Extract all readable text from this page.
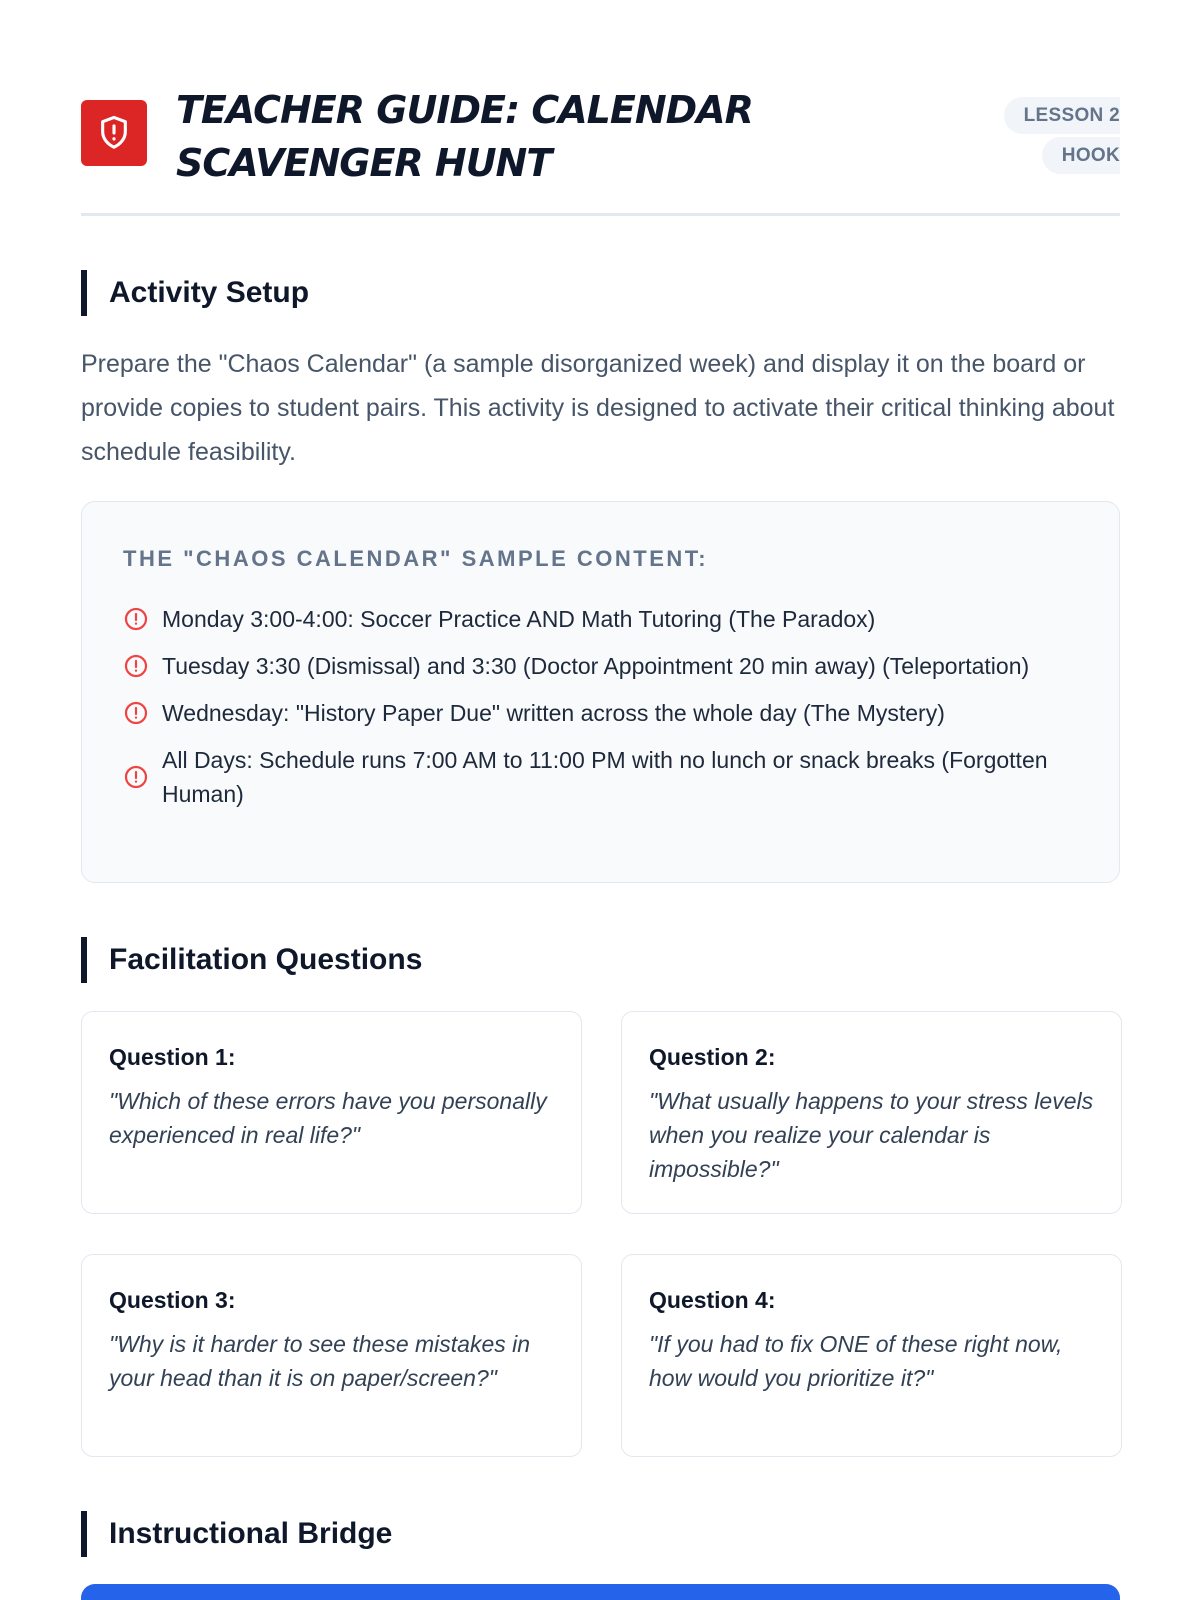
TEACHER GUIDE: CALENDAR SCAVENGER HUNT
LESSON 2 HOOK
Activity Setup

Prepare the "Chaos Calendar" (a sample disorganized week) and display it on the board or provide copies to student pairs. This activity is designed to activate their critical thinking about schedule feasibility.

THE "CHAOS CALENDAR" SAMPLE CONTENT:
Monday 3:00-4:00: Soccer Practice AND Math Tutoring (The Paradox)
Tuesday 3:30 (Dismissal) and 3:30 (Doctor Appointment 20 min away) (Teleportation)
Wednesday: "History Paper Due" written across the whole day (The Mystery)
All Days: Schedule runs 7:00 AM to 11:00 PM with no lunch or snack breaks (Forgotten Human)
Facilitation Questions
Question 1:
"Which of these errors have you personally experienced in real life?"
Question 2:
"What usually happens to your stress levels when you realize your calendar is impossible?"
Question 3:
"Why is it harder to see these mistakes in your head than it is on paper/screen?"
Question 4:
"If you had to fix ONE of these right now, how would you prioritize it?"
Instructional Bridge
